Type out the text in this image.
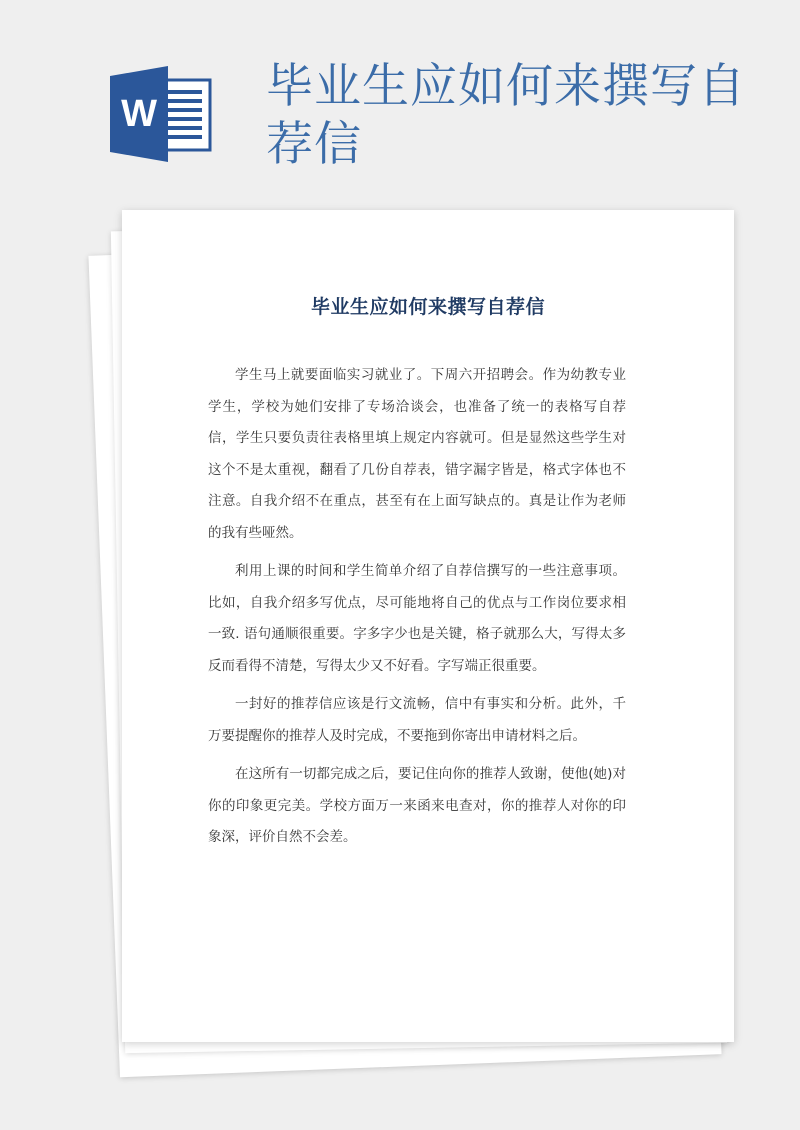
W 毕业生应如何来撰写自荐信
毕业生应如何来撰写自荐信

学生马上就要面临实习就业了。下周六开招聘会。作为幼教专业学生，学校为她们安排了专场洽谈会，也准备了统一的表格写自荐信，学生只要负责往表格里填上规定内容就可。但是显然这些学生对这个不是太重视，翻看了几份自荐表，错字漏字皆是，格式字体也不注意。自我介绍不在重点，甚至有在上面写缺点的。真是让作为老师的我有些哑然。

利用上课的时间和学生简单介绍了自荐信撰写的一些注意事项。比如，自我介绍多写优点，尽可能地将自己的优点与工作岗位要求相一致. 语句通顺很重要。字多字少也是关键，格子就那么大，写得太多反而看得不清楚，写得太少又不好看。字写端正很重要。

一封好的推荐信应该是行文流畅，信中有事实和分析。此外，千万要提醒你的推荐人及时完成，不要拖到你寄出申请材料之后。

在这所有一切都完成之后，要记住向你的推荐人致谢，使他(她)对你的印象更完美。学校方面万一来函来电查对，你的推荐人对你的印象深，评价自然不会差。
